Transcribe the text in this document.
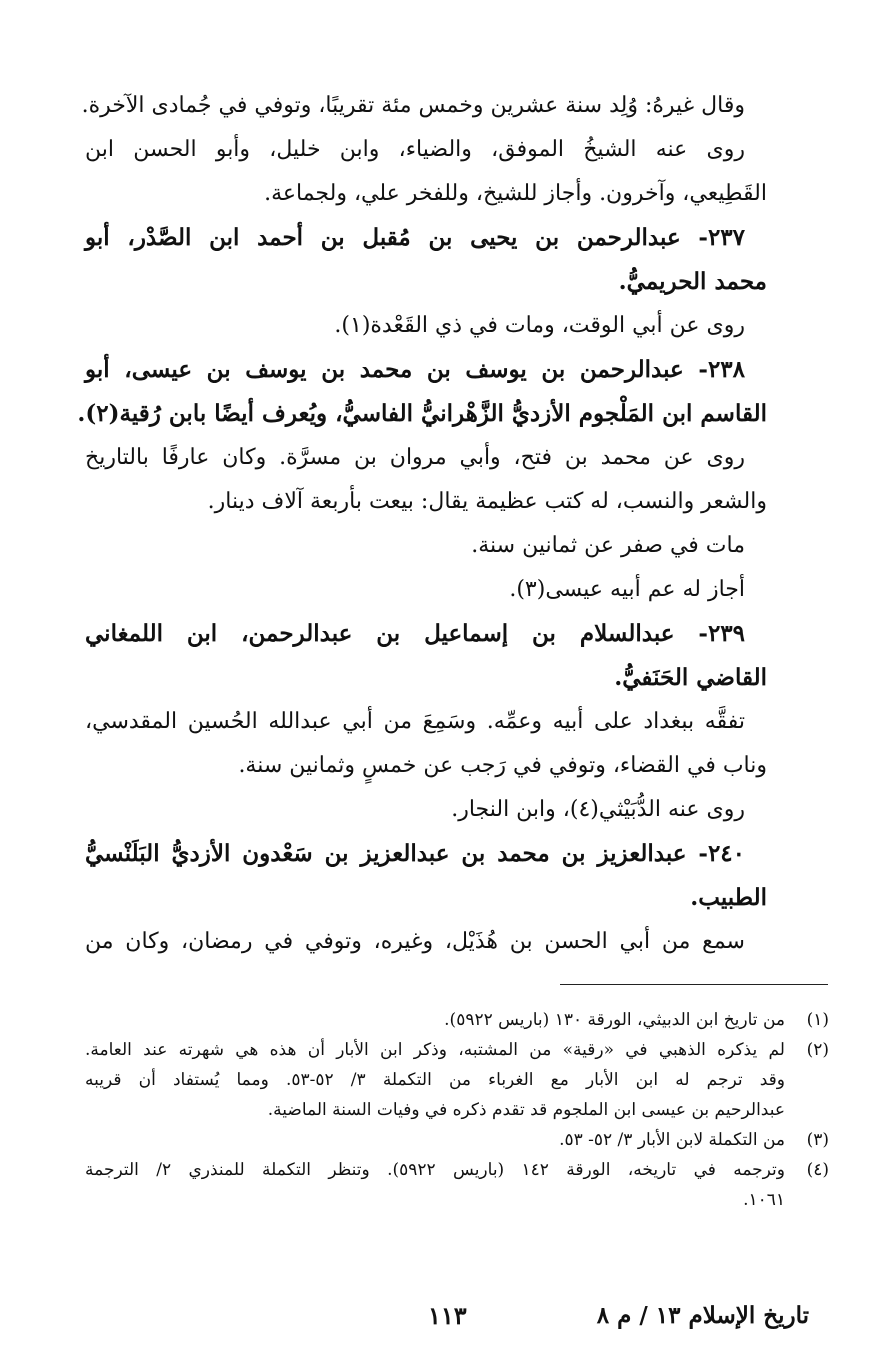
وقال غيرهُ: وُلِد سنة عشرين وخمس مئة تقريبًا، وتوفي في جُمادى الآخرة.
روى عنه الشيخُ الموفق، والضياء، وابن خليل، وأبو الحسن ابن
القَطِيعي، وآخرون. وأجاز للشيخ، وللفخر علي، ولجماعة.
٢٣٧- عبدالرحمن بن يحيى بن مُقبل بن أحمد ابن الصَّدْر، أبو
محمد الحريميُّ.
روى عن أبي الوقت، ومات في ذي القَعْدة(١).
٢٣٨- عبدالرحمن بن يوسف بن محمد بن يوسف بن عيسى، أبو
القاسم ابن المَلْجوم الأزديُّ الزَّهْرانيُّ الفاسيُّ، ويُعرف أيضًا بابن رُقية(٢).
روى عن محمد بن فتح، وأبي مروان بن مسرَّة. وكان عارفًا بالتاريخ
والشعر والنسب، له كتب عظيمة يقال: بيعت بأربعة آلاف دينار.
مات في صفر عن ثمانين سنة.
أجاز له عم أبيه عيسى(٣).
٢٣٩- عبدالسلام بن إسماعيل بن عبدالرحمن، ابن اللمغاني
القاضي الحَنَفيُّ.
تفقَّه ببغداد على أبيه وعمِّه. وسَمِعَ من أبي عبدالله الحُسين المقدسي،
وناب في القضاء، وتوفي في رَجب عن خمسٍ وثمانين سنة.
روى عنه الدُّبَيْثي(٤)، وابن النجار.
٢٤٠- عبدالعزيز بن محمد بن عبدالعزيز بن سَعْدون الأزديُّ البَلَنْسيُّ
الطبيب.
سمع من أبي الحسن بن هُذَيْل، وغيره، وتوفي في رمضان، وكان من
(١)
من تاريخ ابن الدبيثي، الورقة ١٣٠ (باريس ٥٩٢٢).
(٢)
لم يذكره الذهبي في «رقية» من المشتبه، وذكر ابن الأبار أن هذه هي شهرته عند العامة.
وقد ترجم له ابن الأبار مع الغرباء من التكملة ٣/ ٥٢-٥٣. ومما يُستفاد أن قريبه
عبدالرحيم بن عيسى ابن الملجوم قد تقدم ذكره في وفيات السنة الماضية.
(٣)
من التكملة لابن الأبار ٣/ ٥٢- ٥٣.
(٤)
وترجمه في تاريخه، الورقة ١٤٢ (باريس ٥٩٢٢). وتنظر التكملة للمنذري ٢/ الترجمة
١٠٦١.
تاريخ الإسلام ١٣ / م ٨
١١٣
